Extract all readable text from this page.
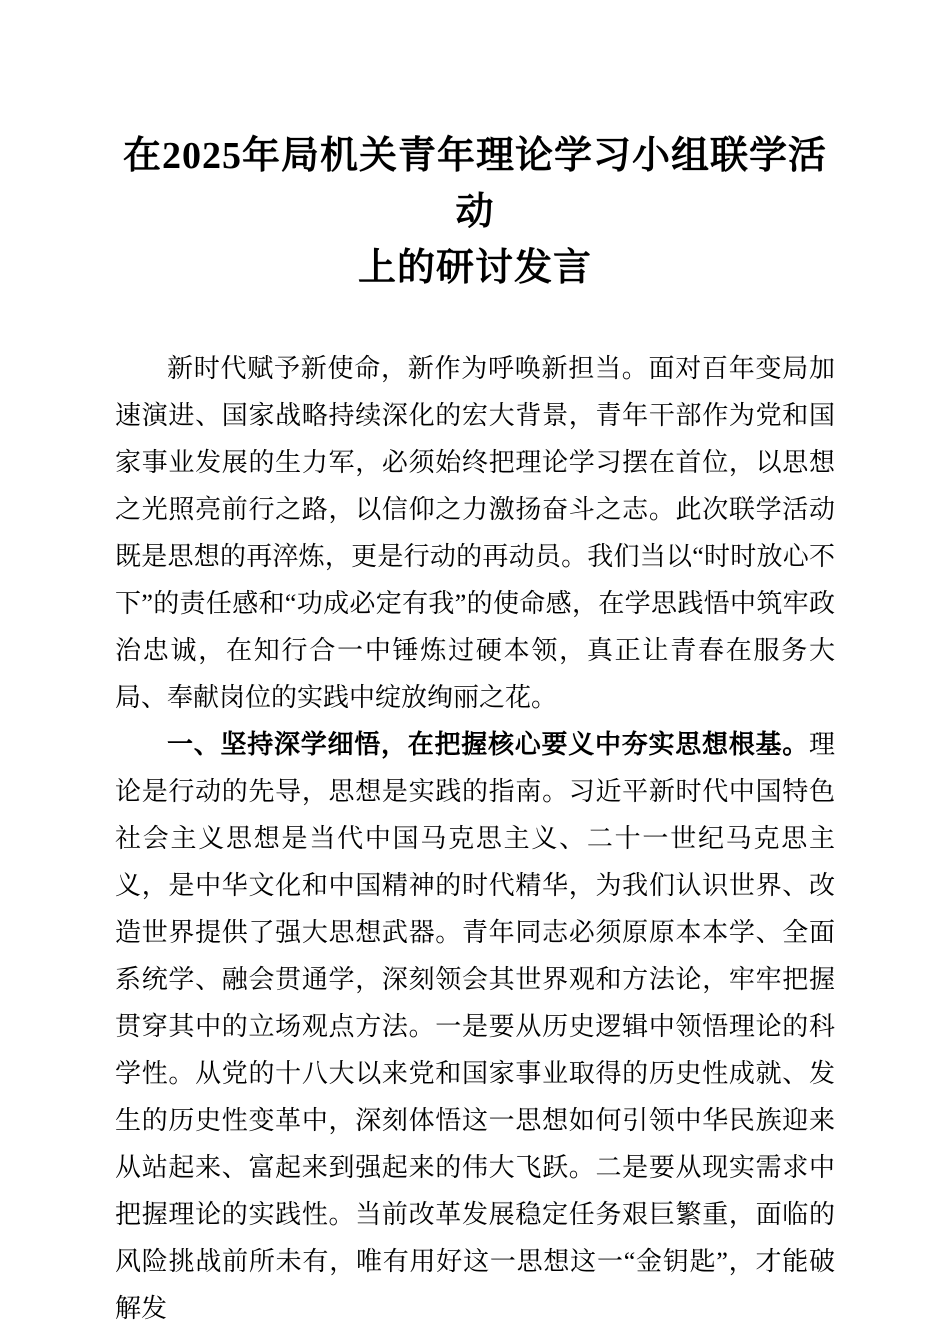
在2025年局机关青年理论学习小组联学活动
上的研讨发言

新时代赋予新使命，新作为呼唤新担当。面对百年变局加速演进、国家战略持续深化的宏大背景，青年干部作为党和国家事业发展的生力军，必须始终把理论学习摆在首位，以思想之光照亮前行之路，以信仰之力激扬奋斗之志。此次联学活动既是思想的再淬炼，更是行动的再动员。我们当以“时时放心不下”的责任感和“功成必定有我”的使命感，在学思践悟中筑牢政治忠诚，在知行合一中锤炼过硬本领，真正让青春在服务大局、奉献岗位的实践中绽放绚丽之花。

一、坚持深学细悟，在把握核心要义中夯实思想根基。理论是行动的先导，思想是实践的指南。习近平新时代中国特色社会主义思想是当代中国马克思主义、二十一世纪马克思主义，是中华文化和中国精神的时代精华，为我们认识世界、改造世界提供了强大思想武器。青年同志必须原原本本学、全面系统学、融会贯通学，深刻领会其世界观和方法论，牢牢把握贯穿其中的立场观点方法。一是要从历史逻辑中领悟理论的科学性。从党的十八大以来党和国家事业取得的历史性成就、发生的历史性变革中，深刻体悟这一思想如何引领中华民族迎来从站起来、富起来到强起来的伟大飞跃。二是要从现实需求中把握理论的实践性。当前改革发展稳定任务艰巨繁重，面临的风险挑战前所未有，唯有用好这一思想这一“金钥匙”，才能破解发
